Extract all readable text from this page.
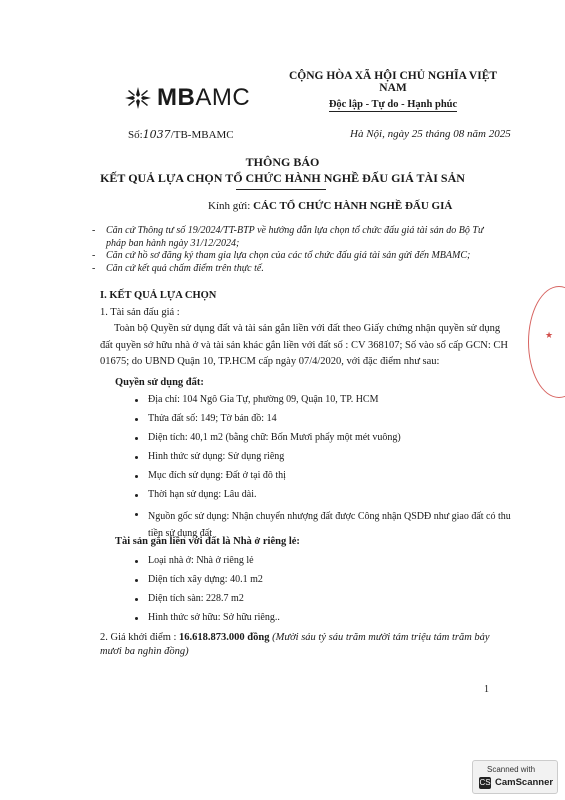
MBAMC
CỘNG HÒA XÃ HỘI CHỦ NGHĨA VIỆT NAM
Độc lập - Tự do - Hạnh phúc
Số:1037/TB-MBAMC	Hà Nội, ngày 25 tháng 08 năm 2025
THÔNG BÁO
KẾT QUẢ LỰA CHỌN TỔ CHỨC HÀNH NGHỀ ĐẤU GIÁ TÀI SẢN
Kính gửi: CÁC TỔ CHỨC HÀNH NGHỀ ĐẤU GIÁ
-	Căn cứ Thông tư số 19/2024/TT-BTP về hướng dẫn lựa chọn tổ chức đấu giá tài sản do Bộ Tư pháp ban hành ngày 31/12/2024;
-	Căn cứ hồ sơ đăng ký tham gia lựa chọn của các tổ chức đấu giá tài sản gửi đến MBAMC;
-	Căn cứ kết quả chấm điểm trên thực tế.
I. KẾT QUẢ LỰA CHỌN
1. Tài sản đấu giá :
Toàn bộ Quyền sử dụng đất và tài sản gắn liền với đất theo Giấy chứng nhận quyền sử dụng đất quyền sở hữu nhà ở và tài sản khác gắn liền với đất số : CV 368107; Số vào sổ cấp GCN: CH 01675; do UBND Quận 10, TP.HCM cấp ngày 07/4/2020, với đặc điểm như sau:
Quyền sử dụng đất:
Địa chỉ: 104 Ngô Gia Tự, phường 09, Quận 10, TP. HCM
Thửa đất số: 149; Tờ bản đồ: 14
Diện tích: 40,1 m2 (bằng chữ: Bốn Mươi phẩy một mét vuông)
Hình thức sử dụng: Sử dụng riêng
Mục đích sử dụng: Đất ở tại đô thị
Thời hạn sử dụng: Lâu dài.
Nguồn gốc sử dụng: Nhận chuyển nhượng đất được Công nhận QSDĐ như giao đất có thu tiền sử dụng đất
Tài sản gắn liền với đất là Nhà ở riêng lẻ:
Loại nhà ở: Nhà ở riêng lẻ
Diện tích xây dựng: 40.1 m2
Diện tích sàn: 228.7 m2
Hình thức sở hữu: Sở hữu riêng..
2. Giá khởi điểm : 16.618.873.000 đồng (Mười sáu tỷ sáu trăm mười tám triệu tám trăm bảy mươi ba nghìn đồng)
1
★
Scanned with
CS CamScanner
